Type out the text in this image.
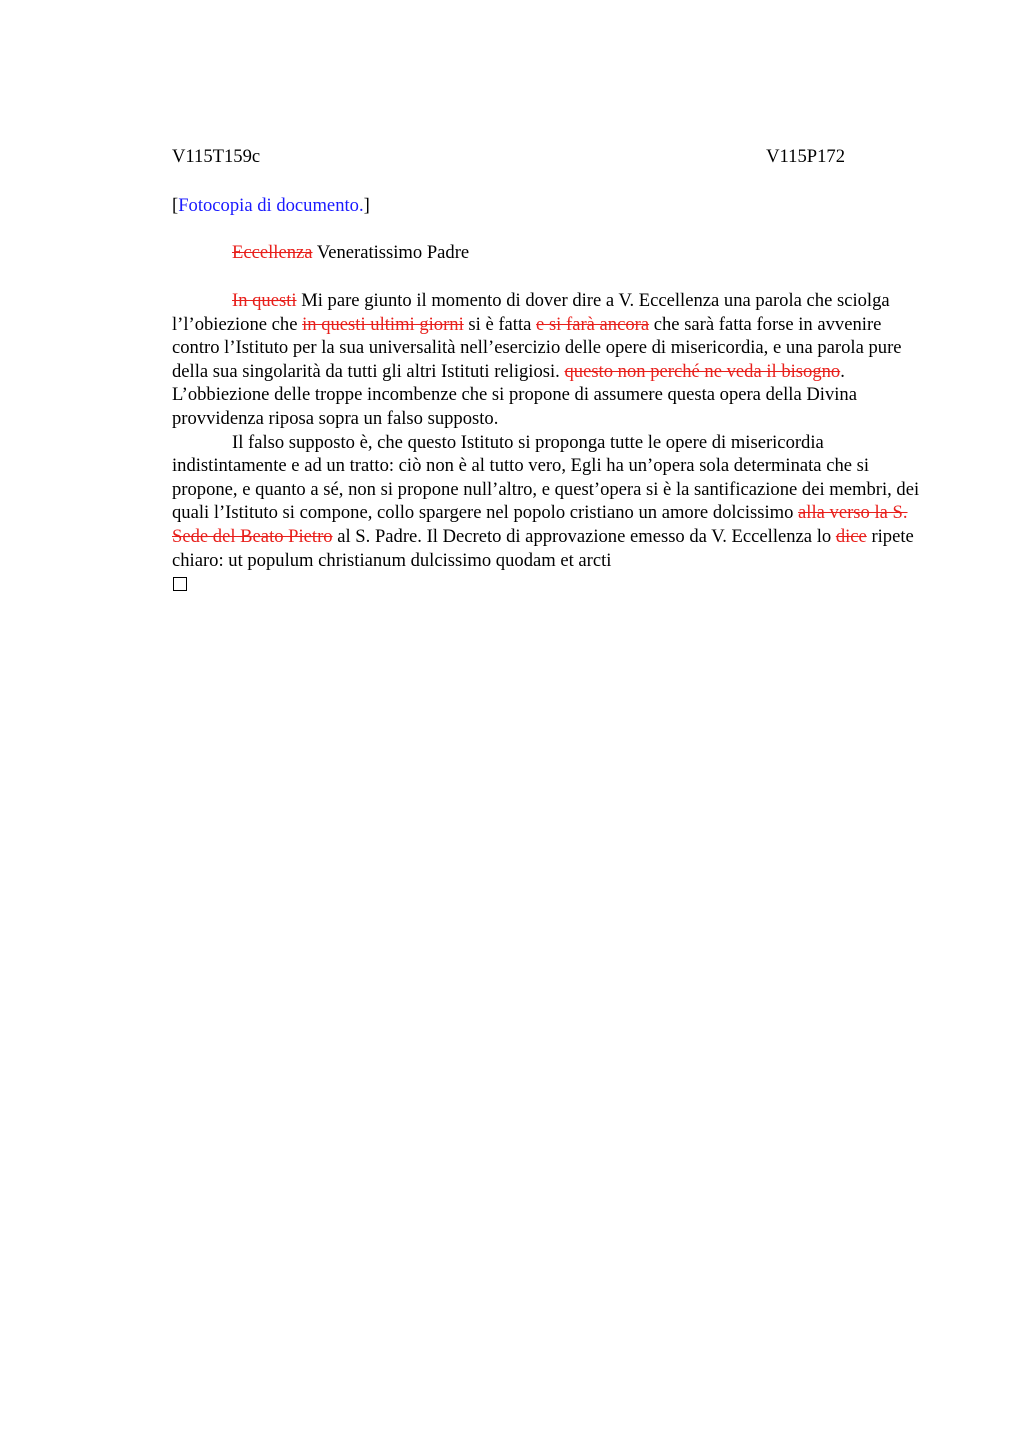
V115T159c	V115P172
[Fotocopia di documento.]
Eccellenza Veneratissimo Padre

In questi Mi pare giunto il momento di dover dire a V. Eccellenza una parola che sciolga l’l’obiezione che in questi ultimi giorni si è fatta e si farà ancora che sarà fatta forse in avvenire contro l’Istituto per la sua universalità nell’esercizio delle opere di misericordia, e una parola pure della sua singolarità da tutti gli altri Istituti religiosi. questo non perché ne veda il bisogno. L’obbiezione delle troppe incombenze che si propone di assumere questa opera della Divina provvidenza riposa sopra un falso supposto.

Il falso supposto è, che questo Istituto si proponga tutte le opere di misericordia indistintamente e ad un tratto: ciò non è al tutto vero, Egli ha un’opera sola determinata che si propone, e quanto a sé, non si propone null’altro, e quest’opera si è la santificazione dei membri, dei quali l’Istituto si compone, collo spargere nel popolo cristiano un amore dolcissimo alla verso la S. Sede del Beato Pietro al S. Padre. Il Decreto di approvazione emesso da V. Eccellenza lo dice ripete chiaro: ut populum christianum dulcissimo quodam et arcti
